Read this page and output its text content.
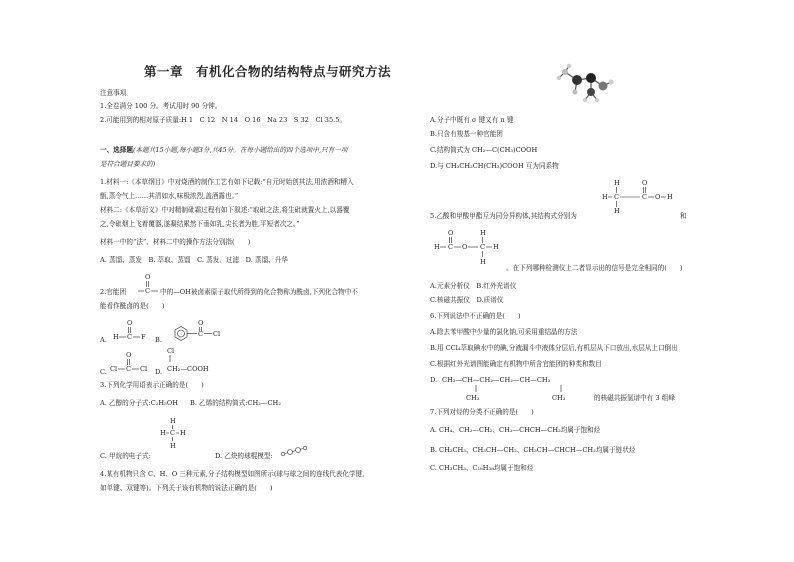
第一章　有机化合物的结构特点与研究方法
注意事项
1.全卷满分 100 分。考试用时 90 分钟。
2.可能用到的相对原子质量:H 1　C 12　N 14　O 16　Na 23　S 32　Cl 35.5。
一、选择题(本题共15小题,每小题3分,共45分。在每小题给出的四个选项中,只有一项
是符合题目要求的)
1.材料一:《本草纲目》中对烧酒的制作工艺有如下记载:“自元时始创其法,用浓酒和糟入
甑,蒸令气上……其清如水,味极浓烈,盖酒露也。”
材料二:《本草衍义》中对精制砒霜过程有如下叙述:“取砒之法,将生砒就置火上,以器覆
之,令砒烟上飞着覆器,遂凝结累然下垂如乳,尖长者为胜,平短者次之。”
材料一中的“法”、材料二中的操作方法分别指(　　)
A. 蒸馏、蒸发　B. 萃取、蒸馏　C. 蒸发、过滤　D. 蒸馏、升华
2.官能团
O
C 中的—OH被卤素原子取代所得到的化合物称为酰卤,下列化合物中不
能看作酰卤的是(　　)
A.
O
H C F B.
O
C Cl
C.
O
Cl C Cl D.
Cl
CH₂—COOH
3.下列化学用语表示正确的是(　　)
A. 乙醇的分子式:C₂H₅OH B. 乙烯的结构简式:CH₂—CH₂
H
H C H
H
C. 甲烷的电子式:	D. 乙炔的球棍模型:
4.某有机物只含 C、H、O 三种元素,分子结构模型如图所示(球与球之间的连线代表化学键,
如单键、双键等)。下列关于该有机物的说法正确的是(　　)
A.分子中既有 σ 键又有 π 键
B.只含有羧基一种官能团
C.结构简式为 CH₂—C(CH₃)COOH
D.与 CH₃CH₂CH(CH₃)COOH 互为同系物
H	O
H C	C O H
H
5.乙酸和甲酸甲酯互为同分异构体,其结构式分别为	和
O	H
H C O C H
H
。在下列哪种检测仪上二者显示出的信号是完全相同的(　　)
A.元素分析仪　B.红外光谱仪
C.核磁共振仪　D.质谱仪
6.下列说法中不正确的是(　　)
A.除去苯甲酸中少量的氯化钠,可采用重结晶的方法
B.用 CCl₄萃取碘水中的碘,分液漏斗中液体分层后,有机层从下口放出,水层从上口倒出
C.根据红外光谱图能确定有机物中所含官能团的种类和数目
D. CH₃—CH—CH₂—CH₂—CH—CH₃
CH₃	CH₃	的核磁共振氢谱中有 3 组峰
7.下列对烃的分类不正确的是(　　)
A. CH₄、CH₂—CH₂、CH₂—CHCH—CH₂均属于饱和烃
B. CH₃CH₃、CH₃CH—CH₂、CH₃CH—CHCH—CH₂均属于链状烃
C. CH₃CH₃、C₁₈H₃₈均属于饱和烃
